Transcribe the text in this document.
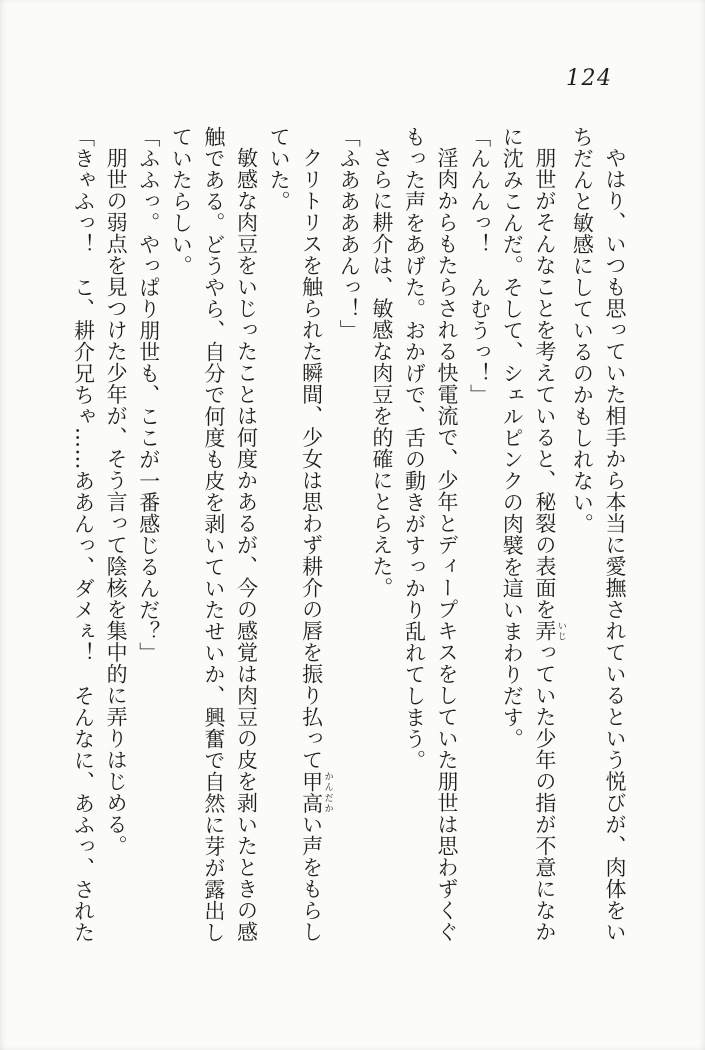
124

やはり、いつも思っていた相手から本当に愛撫されているという悦びが、肉体をいちだんと敏感にしているのかもしれない。

朋世がそんなことを考えていると、秘裂の表面を弄 いじっていた少年の指が不意になかに沈みこんだ。そして、シェルピンクの肉襞を這いまわりだす。

「んんんっ！　んむうっ！」

淫肉からもたらされる快電流で、少年とディープキスをしていた朋世は思わずくぐもった声をあげた。おかげで、舌の動きがすっかり乱れてしまう。

さらに耕介は、敏感な肉豆を的確にとらえた。

「ふああああんっ！」

クリトリスを触られた瞬間、少女は思わず耕介の唇を振り払って甲高 かんだかい声をもらしていた。

敏感な肉豆をいじったことは何度かあるが、今の感覚は肉豆の皮を剥いたときの感触である。どうやら、自分で何度も皮を剥いていたせいか、興奮で自然に芽が露出していたらしい。

「ふふっ。やっぱり朋世も、ここが一番感じるんだ？」

朋世の弱点を見つけた少年が、そう言って陰核を集中的に弄りはじめる。

「きゃふっ！　こ、耕介兄ちゃ……ああんっ、ダメぇ！　そんなに、あふっ、された
